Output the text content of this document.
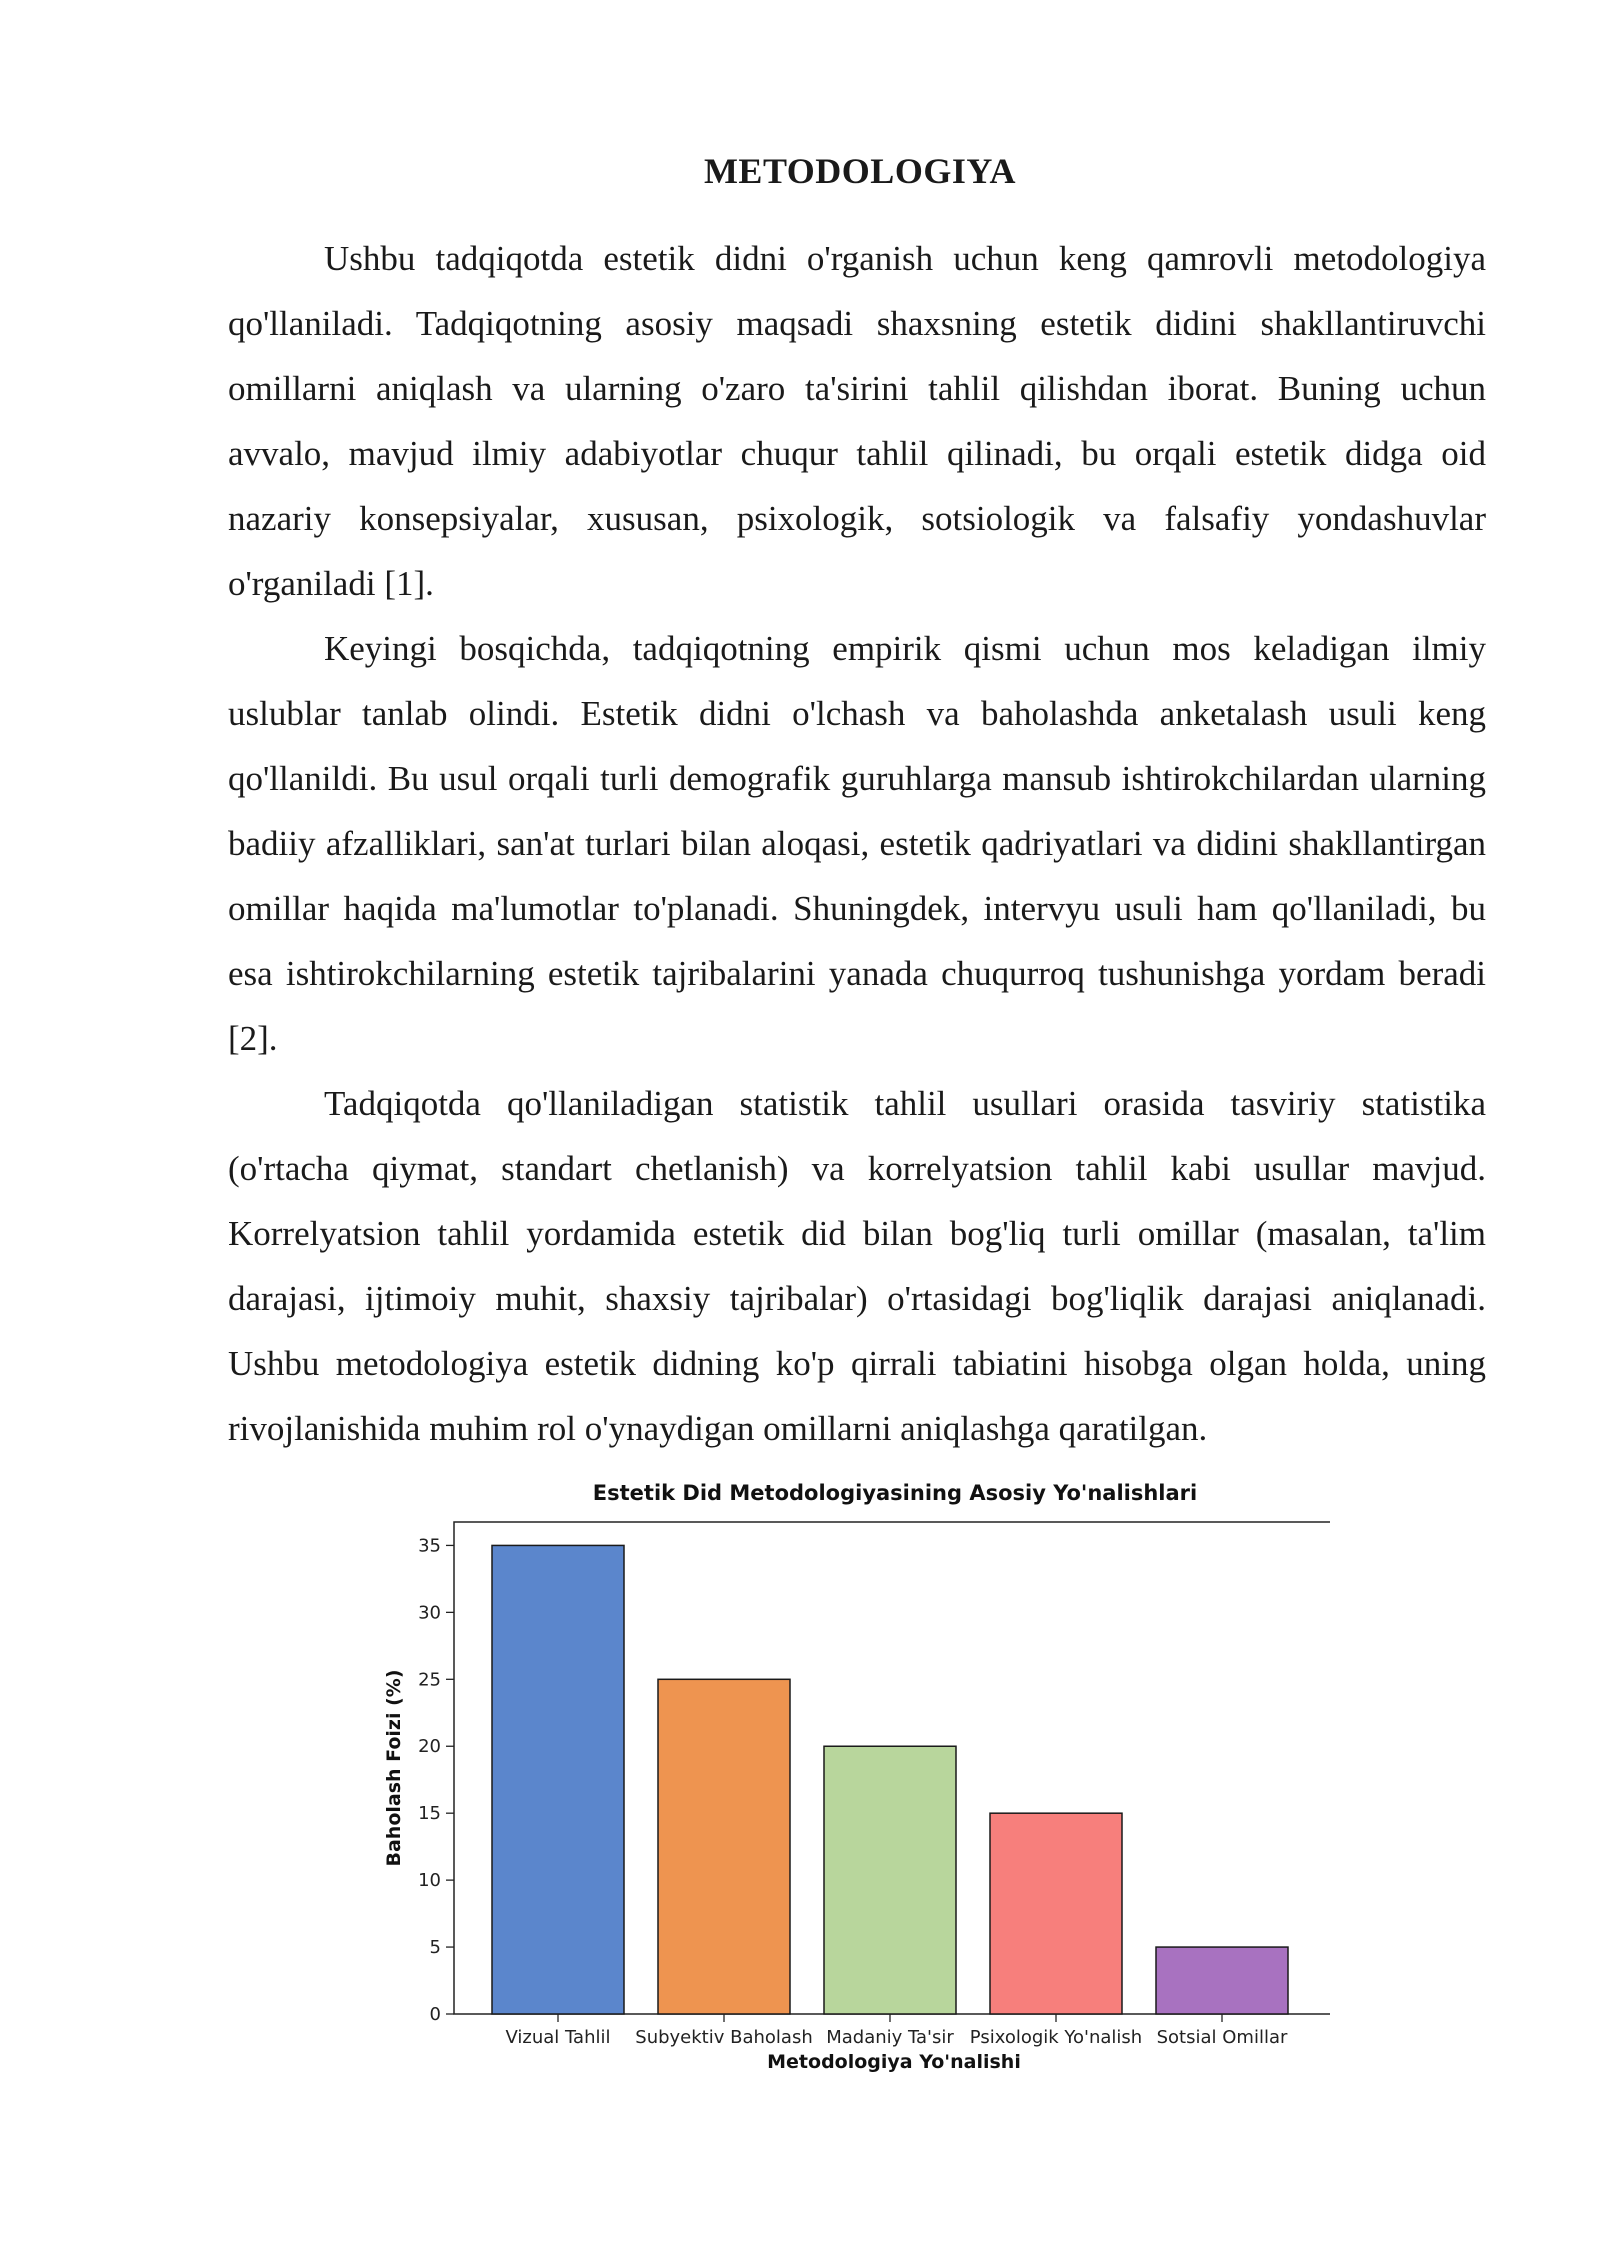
METODOLOGIYA

Ushbu tadqiqotda estetik didni o'rganish uchun keng qamrovli metodologiya qo'llaniladi. Tadqiqotning asosiy maqsadi shaxsning estetik didini shakllantiruvchi omillarni aniqlash va ularning o'zaro ta'sirini tahlil qilishdan iborat. Buning uchun avvalo, mavjud ilmiy adabiyotlar chuqur tahlil qilinadi, bu orqali estetik didga oid nazariy konsepsiyalar, xususan, psixologik, sotsiologik va falsafiy yondashuvlar o'rganiladi [1].

Keyingi bosqichda, tadqiqotning empirik qismi uchun mos keladigan ilmiy uslublar tanlab olindi. Estetik didni o'lchash va baholashda anketalash usuli keng qo'llanildi. Bu usul orqali turli demografik guruhlarga mansub ishtirokchilardan ularning badiiy afzalliklari, san'at turlari bilan aloqasi, estetik qadriyatlari va didini shakllantirgan omillar haqida ma'lumotlar to'planadi. Shuningdek, intervyu usuli ham qo'llaniladi, bu esa ishtirokchilarning estetik tajribalarini yanada chuqurroq tushunishga yordam beradi [2].

Tadqiqotda qo'llaniladigan statistik tahlil usullari orasida tasviriy statistika (o'rtacha qiymat, standart chetlanish) va korrelyatsion tahlil kabi usullar mavjud. Korrelyatsion tahlil yordamida estetik did bilan bog'liq turli omillar (masalan, ta'lim darajasi, ijtimoiy muhit, shaxsiy tajribalar) o'rtasidagi bog'liqlik darajasi aniqlanadi. Ushbu metodologiya estetik didning ko'p qirrali tabiatini hisobga olgan holda, uning rivojlanishida muhim rol o'ynaydigan omillarni aniqlashga qaratilgan.

Estetik Did Metodologiyasining Asosiy Yo'nalishlari
0
5
10
15
20
25
30
35
Vizual Tahlil Subyektiv Baholash Madaniy Ta'sir Psixologik Yo'nalish Sotsial Omillar
Metodologiya Yo'nalishi
Baholash Foizi (%)
